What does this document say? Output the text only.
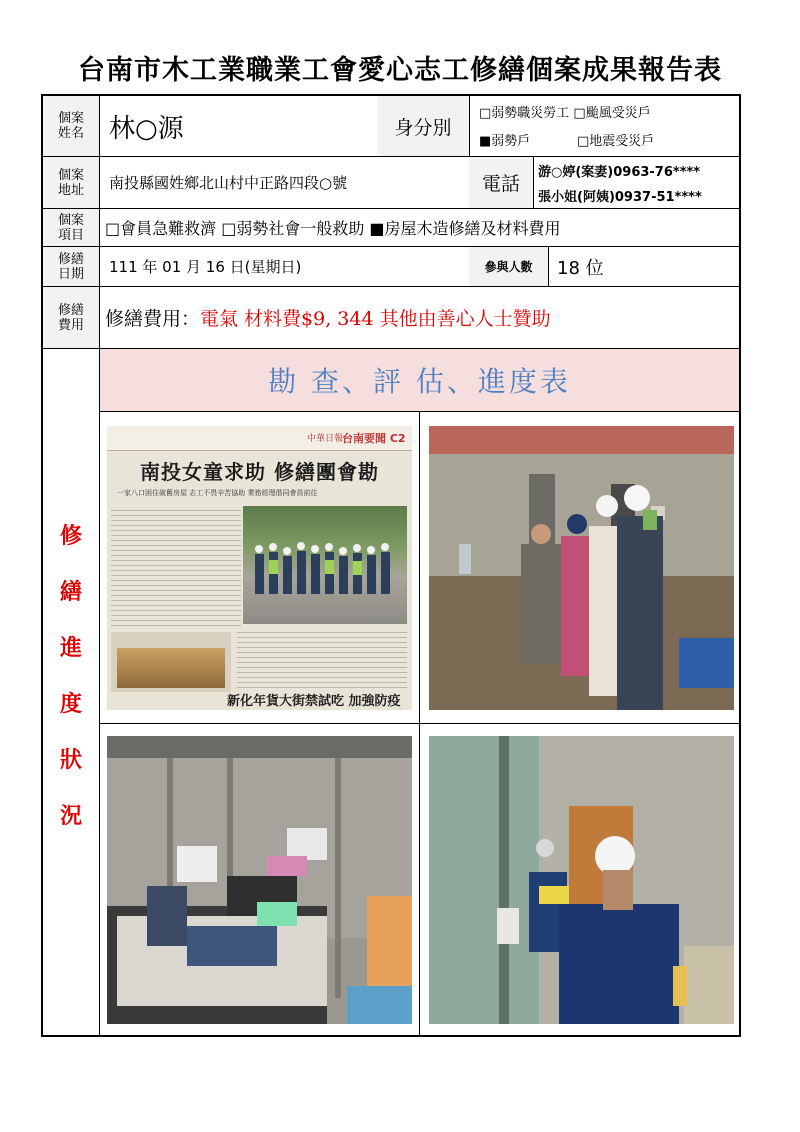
台南市木工業職業工會愛心志工修繕個案成果報告表
個案
姓名 林○源	身分別
□弱勢職災勞工 □颱風受災戶
■弱勢戶	□地震受災戶
個案
地址 南投縣國姓鄉北山村中正路四段○號	電話
游○婷(案妻)0963-76****
張小姐(阿姨)0937-51****
個案
項目 □會員急難救濟 □弱勢社會一般救助 ■房屋木造修繕及材料費用
修繕
日期 111 年 01 月 16 日(星期日)	參與人數	18 位
修繕
費用 修繕費用： 電氣 材料費$9, 344 其他由善心人士贊助
修
繕
進
度
狀
況
勘 查、評 估、進度表
中華日報
台南要聞 C2
南投女童求助 修繕團會勘
一家八口困住破舊房屋 志工不畏辛苦協助 業務經理偕同會員前往
新化年貨大街禁試吃 加強防疫
